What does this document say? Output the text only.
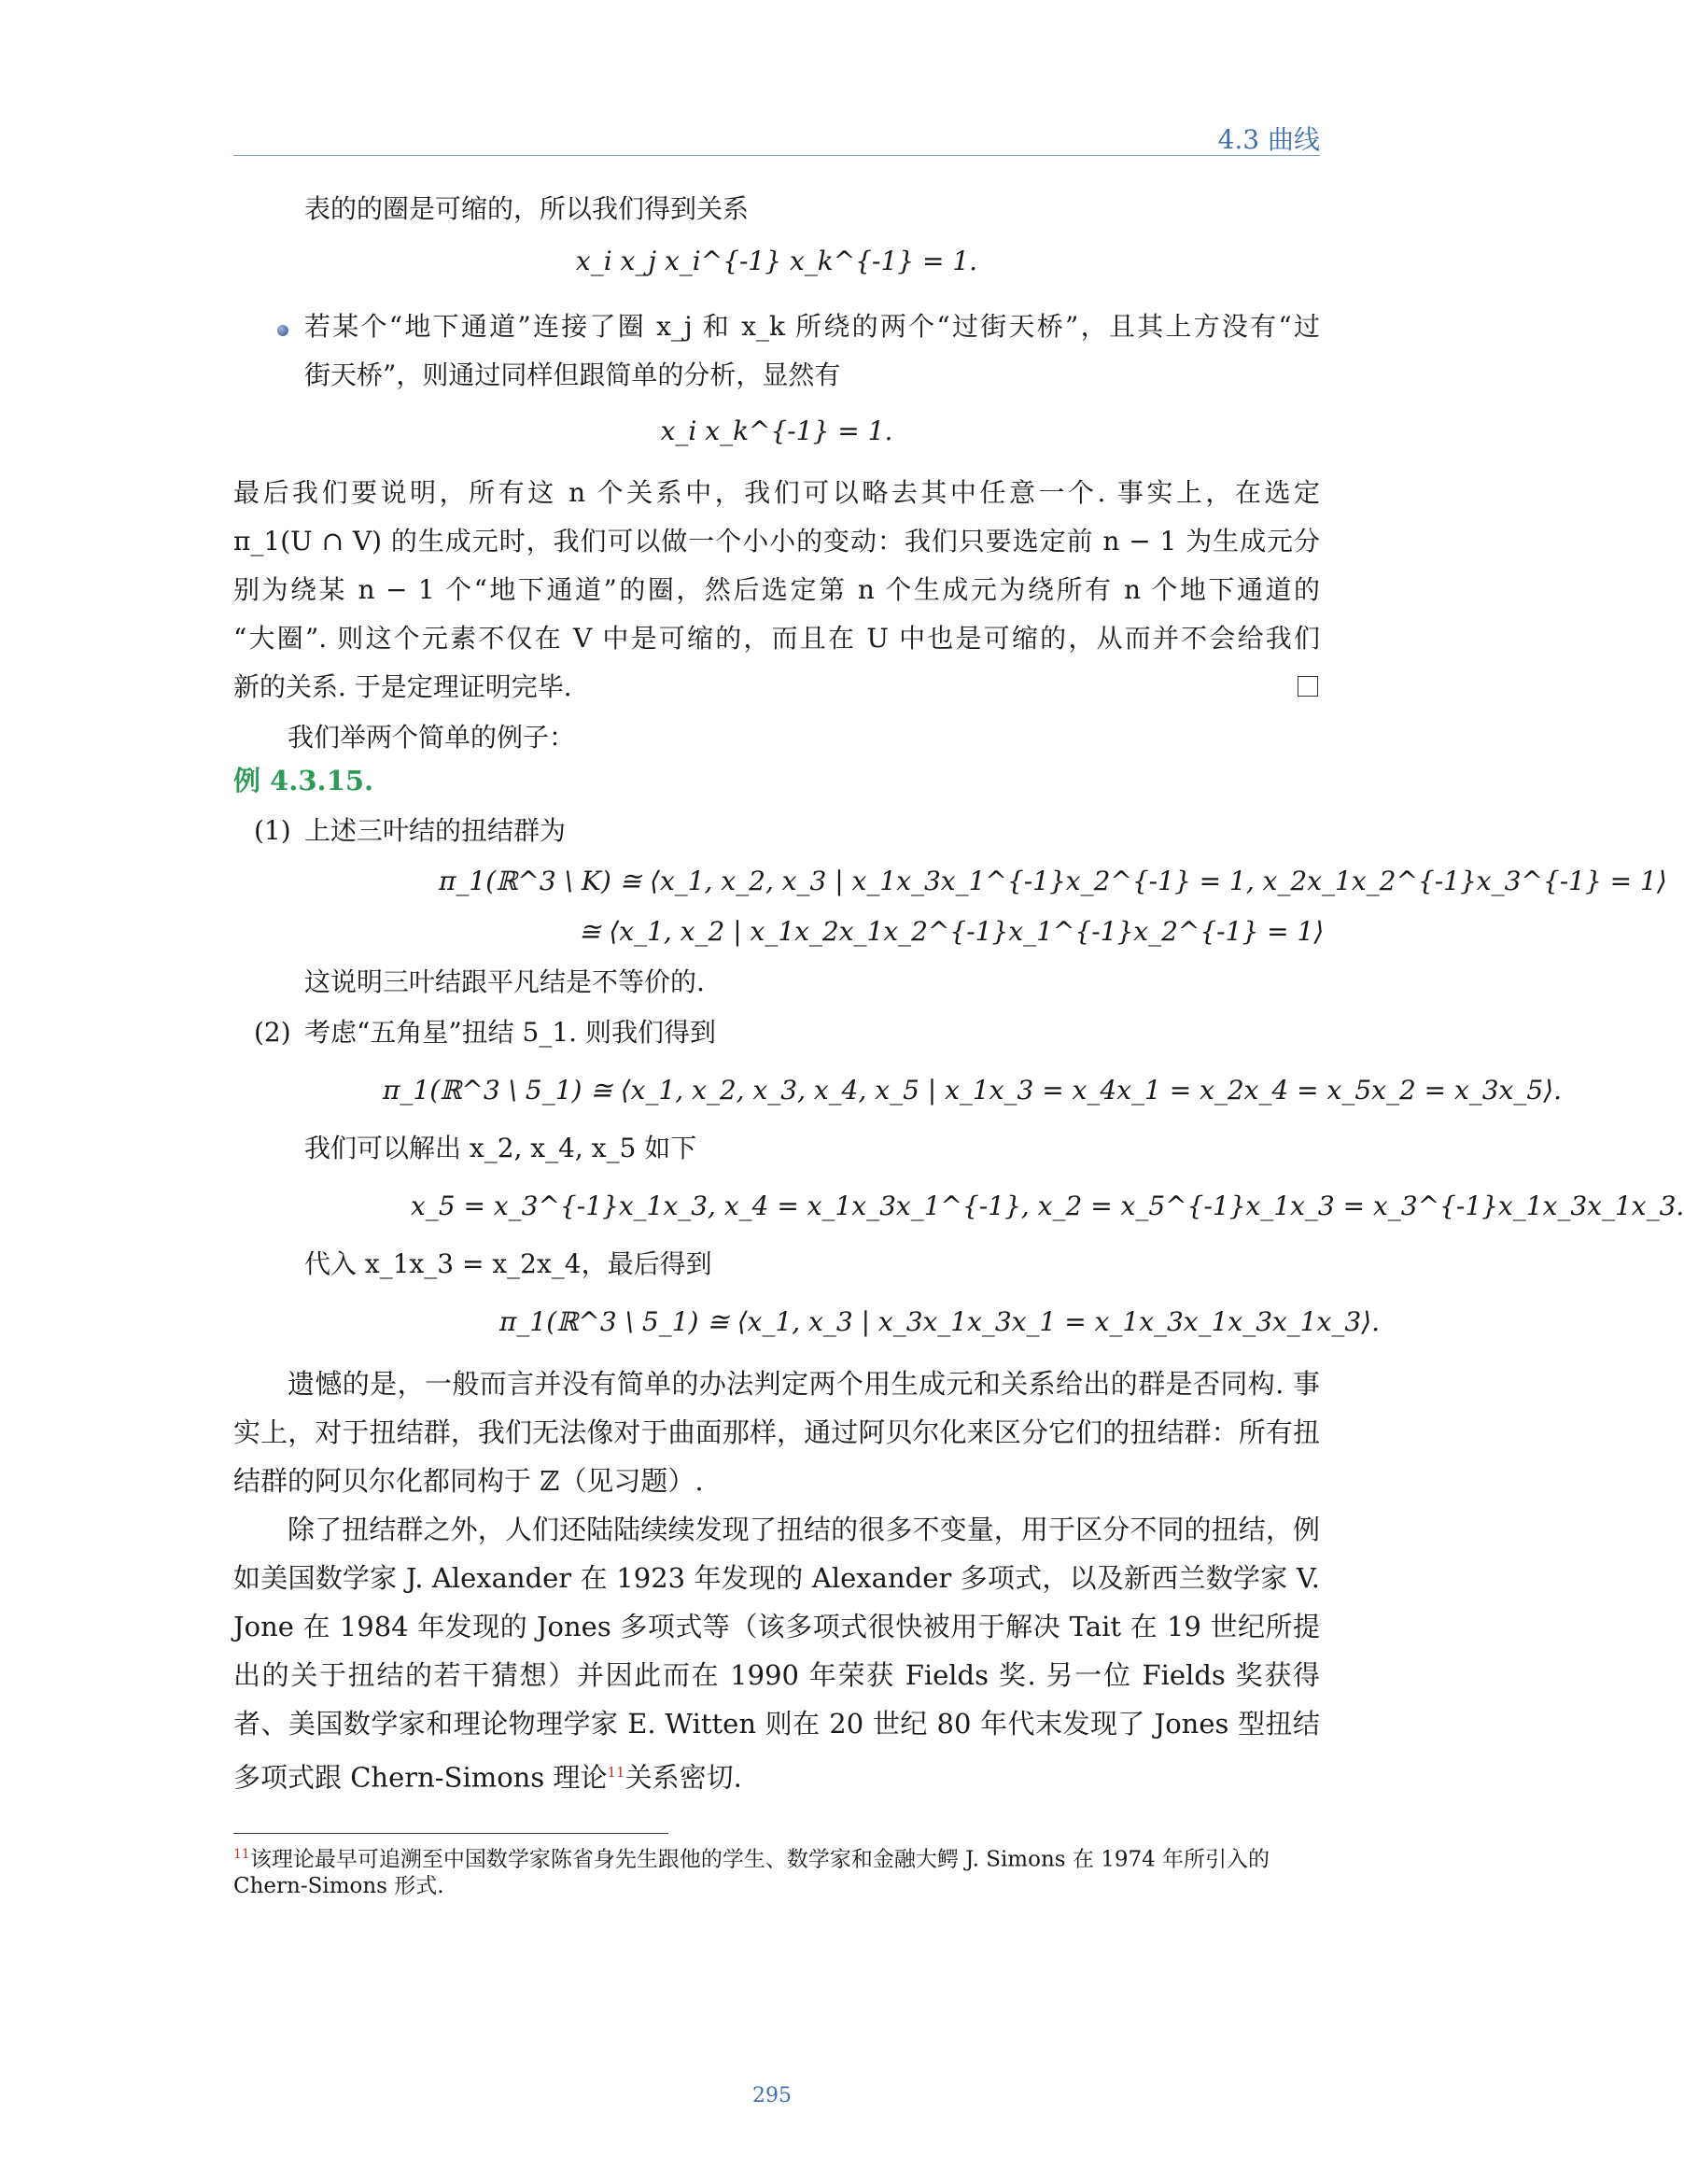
4.3 曲线
表的的圈是可缩的，所以我们得到关系
x_i x_j x_i^{-1} x_k^{-1} = 1.
若某个“地下通道”连接了圈 x_j 和 x_k 所绕的两个“过街天桥”，且其上方没有“过
街天桥”，则通过同样但跟简单的分析，显然有
x_i x_k^{-1} = 1.
最后我们要说明，所有这 n 个关系中，我们可以略去其中任意一个. 事实上，在选定
π_1(U ∩ V) 的生成元时，我们可以做一个小小的变动：我们只要选定前 n − 1 为生成元分
别为绕某 n − 1 个“地下通道”的圈，然后选定第 n 个生成元为绕所有 n 个地下通道的
“大圈”. 则这个元素不仅在 V 中是可缩的，而且在 U 中也是可缩的，从而并不会给我们
新的关系. 于是定理证明完毕.
我们举两个简单的例子：
例 4.3.15.
(1) 上述三叶结的扭结群为
π_1(ℝ^3 \ K) ≅ ⟨x_1, x_2, x_3 | x_1x_3x_1^{-1}x_2^{-1} = 1, x_2x_1x_2^{-1}x_3^{-1} = 1⟩
≅ ⟨x_1, x_2 | x_1x_2x_1x_2^{-1}x_1^{-1}x_2^{-1} = 1⟩
这说明三叶结跟平凡结是不等价的.
(2) 考虑“五角星”扭结 5_1. 则我们得到
π_1(ℝ^3 \ 5_1) ≅ ⟨x_1, x_2, x_3, x_4, x_5 | x_1x_3 = x_4x_1 = x_2x_4 = x_5x_2 = x_3x_5⟩.
我们可以解出 x_2, x_4, x_5 如下
x_5 = x_3^{-1}x_1x_3, x_4 = x_1x_3x_1^{-1}, x_2 = x_5^{-1}x_1x_3 = x_3^{-1}x_1x_3x_1x_3.
代入 x_1x_3 = x_2x_4，最后得到
π_1(ℝ^3 \ 5_1) ≅ ⟨x_1, x_3 | x_3x_1x_3x_1 = x_1x_3x_1x_3x_1x_3⟩.
遗憾的是，一般而言并没有简单的办法判定两个用生成元和关系给出的群是否同构. 事实上，对于扭结群，我们无法像对于曲面那样，通过阿贝尔化来区分它们的扭结群：所有扭结群的阿贝尔化都同构于 ℤ（见习题）.
除了扭结群之外，人们还陆陆续续发现了扭结的很多不变量，用于区分不同的扭结，例如美国数学家 J. Alexander 在 1923 年发现的 Alexander 多项式，以及新西兰数学家 V. Jone 在 1984 年发现的 Jones 多项式等（该多项式很快被用于解决 Tait 在 19 世纪所提出的关于扭结的若干猜想）并因此而在 1990 年荣获 Fields 奖. 另一位 Fields 奖获得者、美国数学家和理论物理学家 E. Witten 则在 20 世纪 80 年代末发现了 Jones 型扭结多项式跟 Chern-Simons 理论$^{11}$关系密切.
$^{11}$该理论最早可追溯至中国数学家陈省身先生跟他的学生、数学家和金融大鳄 J. Simons 在 1974 年所引入的 Chern-Simons 形式.
295
